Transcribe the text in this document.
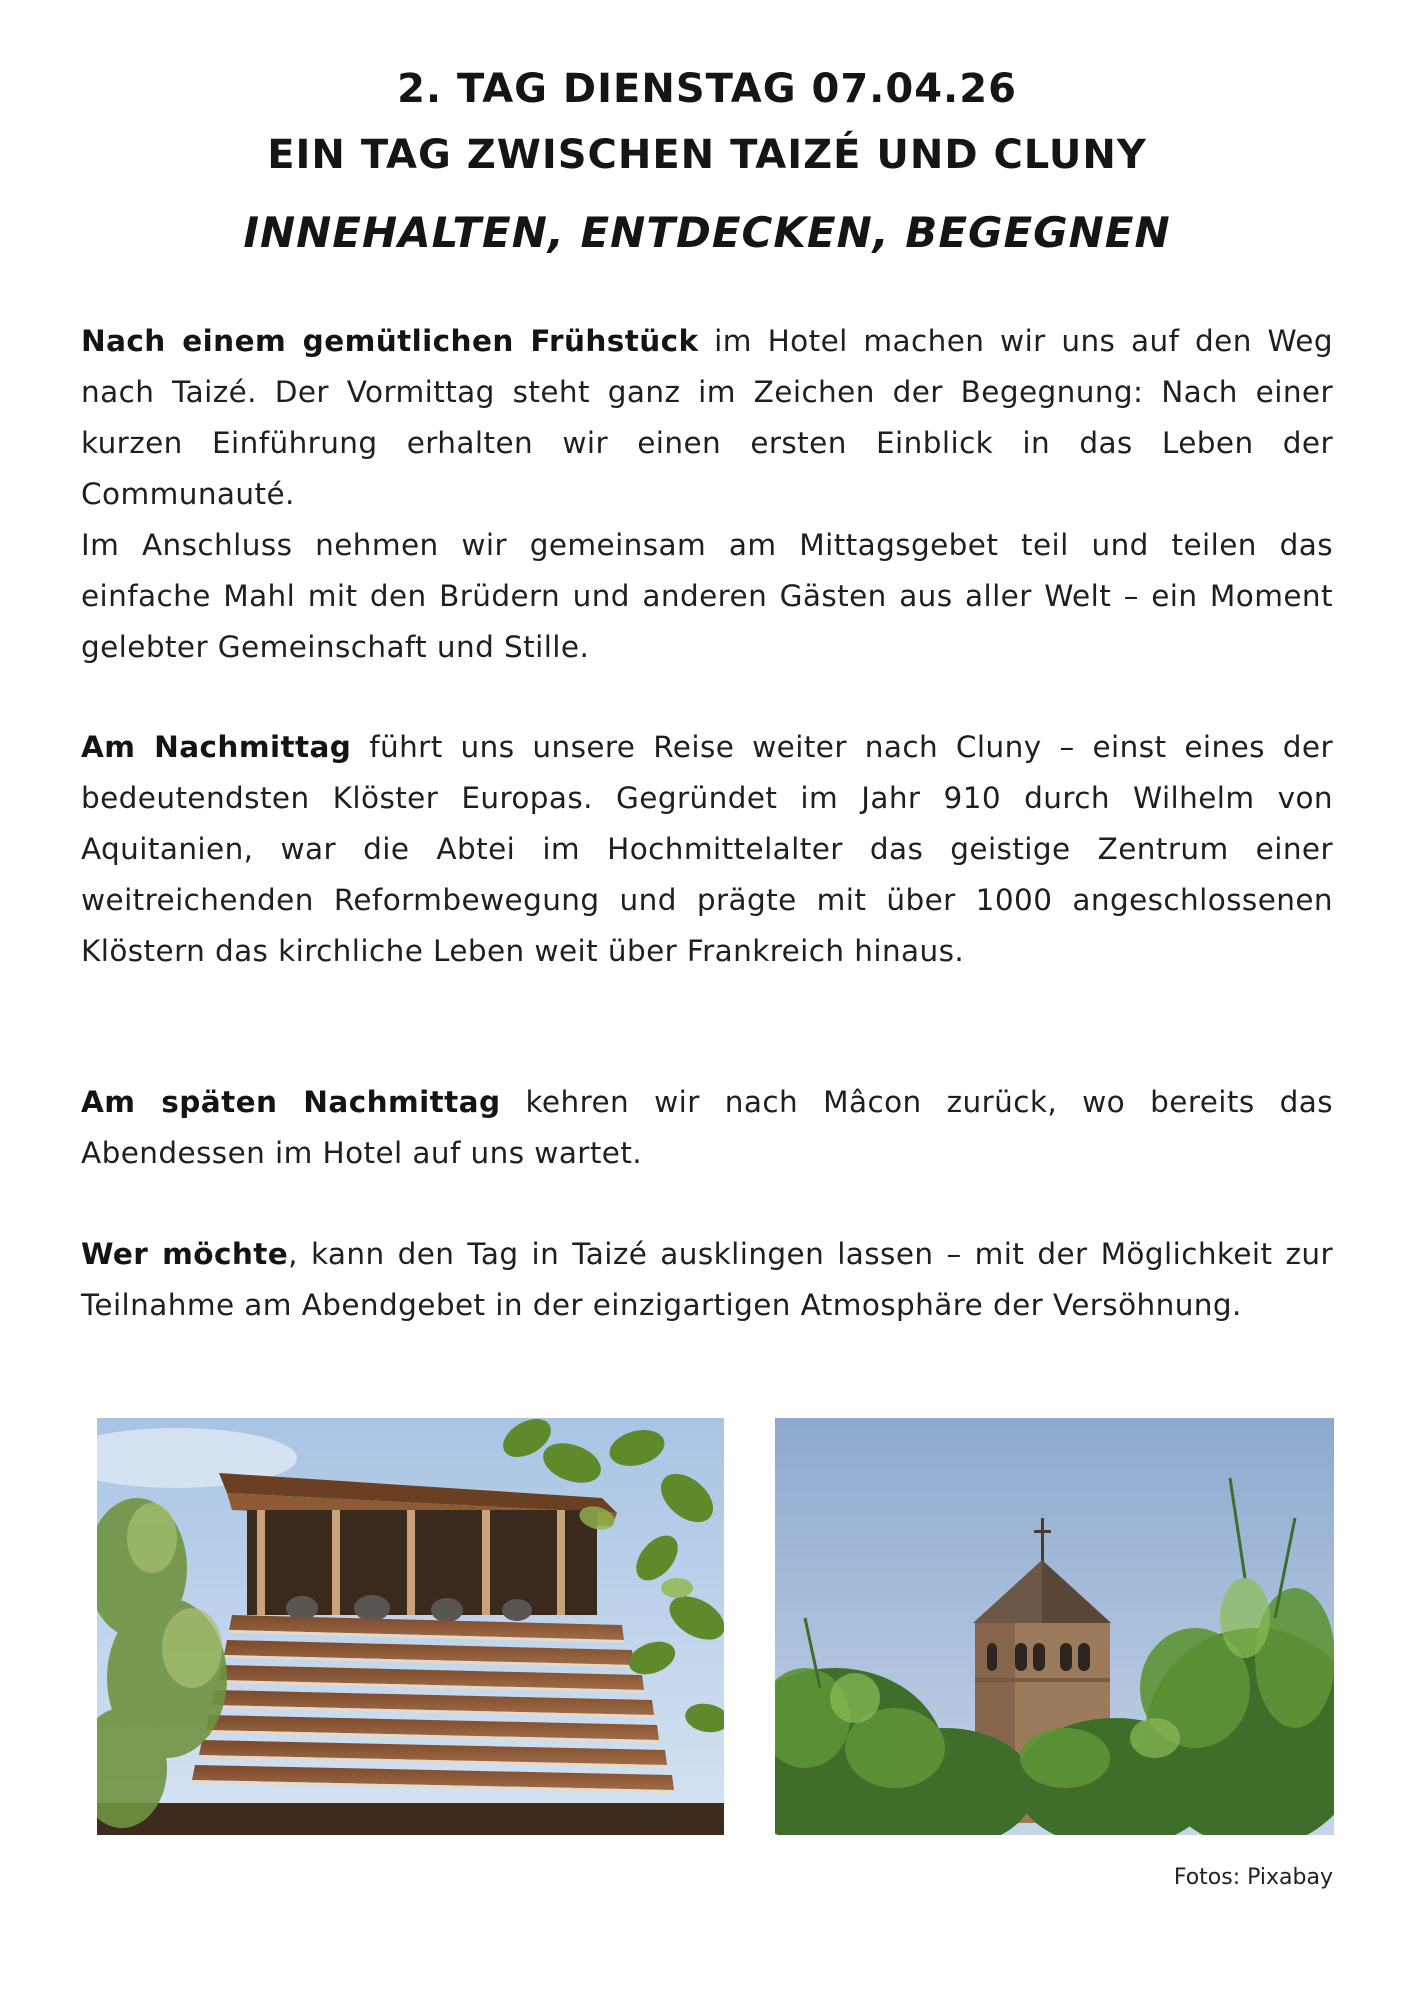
2. TAG DIENSTAG 07.04.26
EIN TAG ZWISCHEN TAIZÉ UND CLUNY
INNEHALTEN, ENTDECKEN, BEGEGNEN

Nach einem gemütlichen Frühstück im Hotel machen wir uns auf den Weg nach Taizé. Der Vormittag steht ganz im Zeichen der Begegnung: Nach einer kurzen Einführung erhalten wir einen ersten Einblick in das Leben der Communauté.
Im Anschluss nehmen wir gemeinsam am Mittagsgebet teil und teilen das einfache Mahl mit den Brüdern und anderen Gästen aus aller Welt – ein Moment gelebter Gemeinschaft und Stille.

Am Nachmittag führt uns unsere Reise weiter nach Cluny – einst eines der bedeutendsten Klöster Europas. Gegründet im Jahr 910 durch Wilhelm von Aquitanien, war die Abtei im Hochmittelalter das geistige Zentrum einer weitreichenden Reformbewegung und prägte mit über 1000 angeschlossenen Klöstern das kirchliche Leben weit über Frankreich hinaus.

Am späten Nachmittag kehren wir nach Mâcon zurück, wo bereits das Abendessen im Hotel auf uns wartet.

Wer möchte, kann den Tag in Taizé ausklingen lassen – mit der Möglichkeit zur Teilnahme am Abendgebet in der einzigartigen Atmosphäre der Versöhnung.

Fotos: Pixabay
